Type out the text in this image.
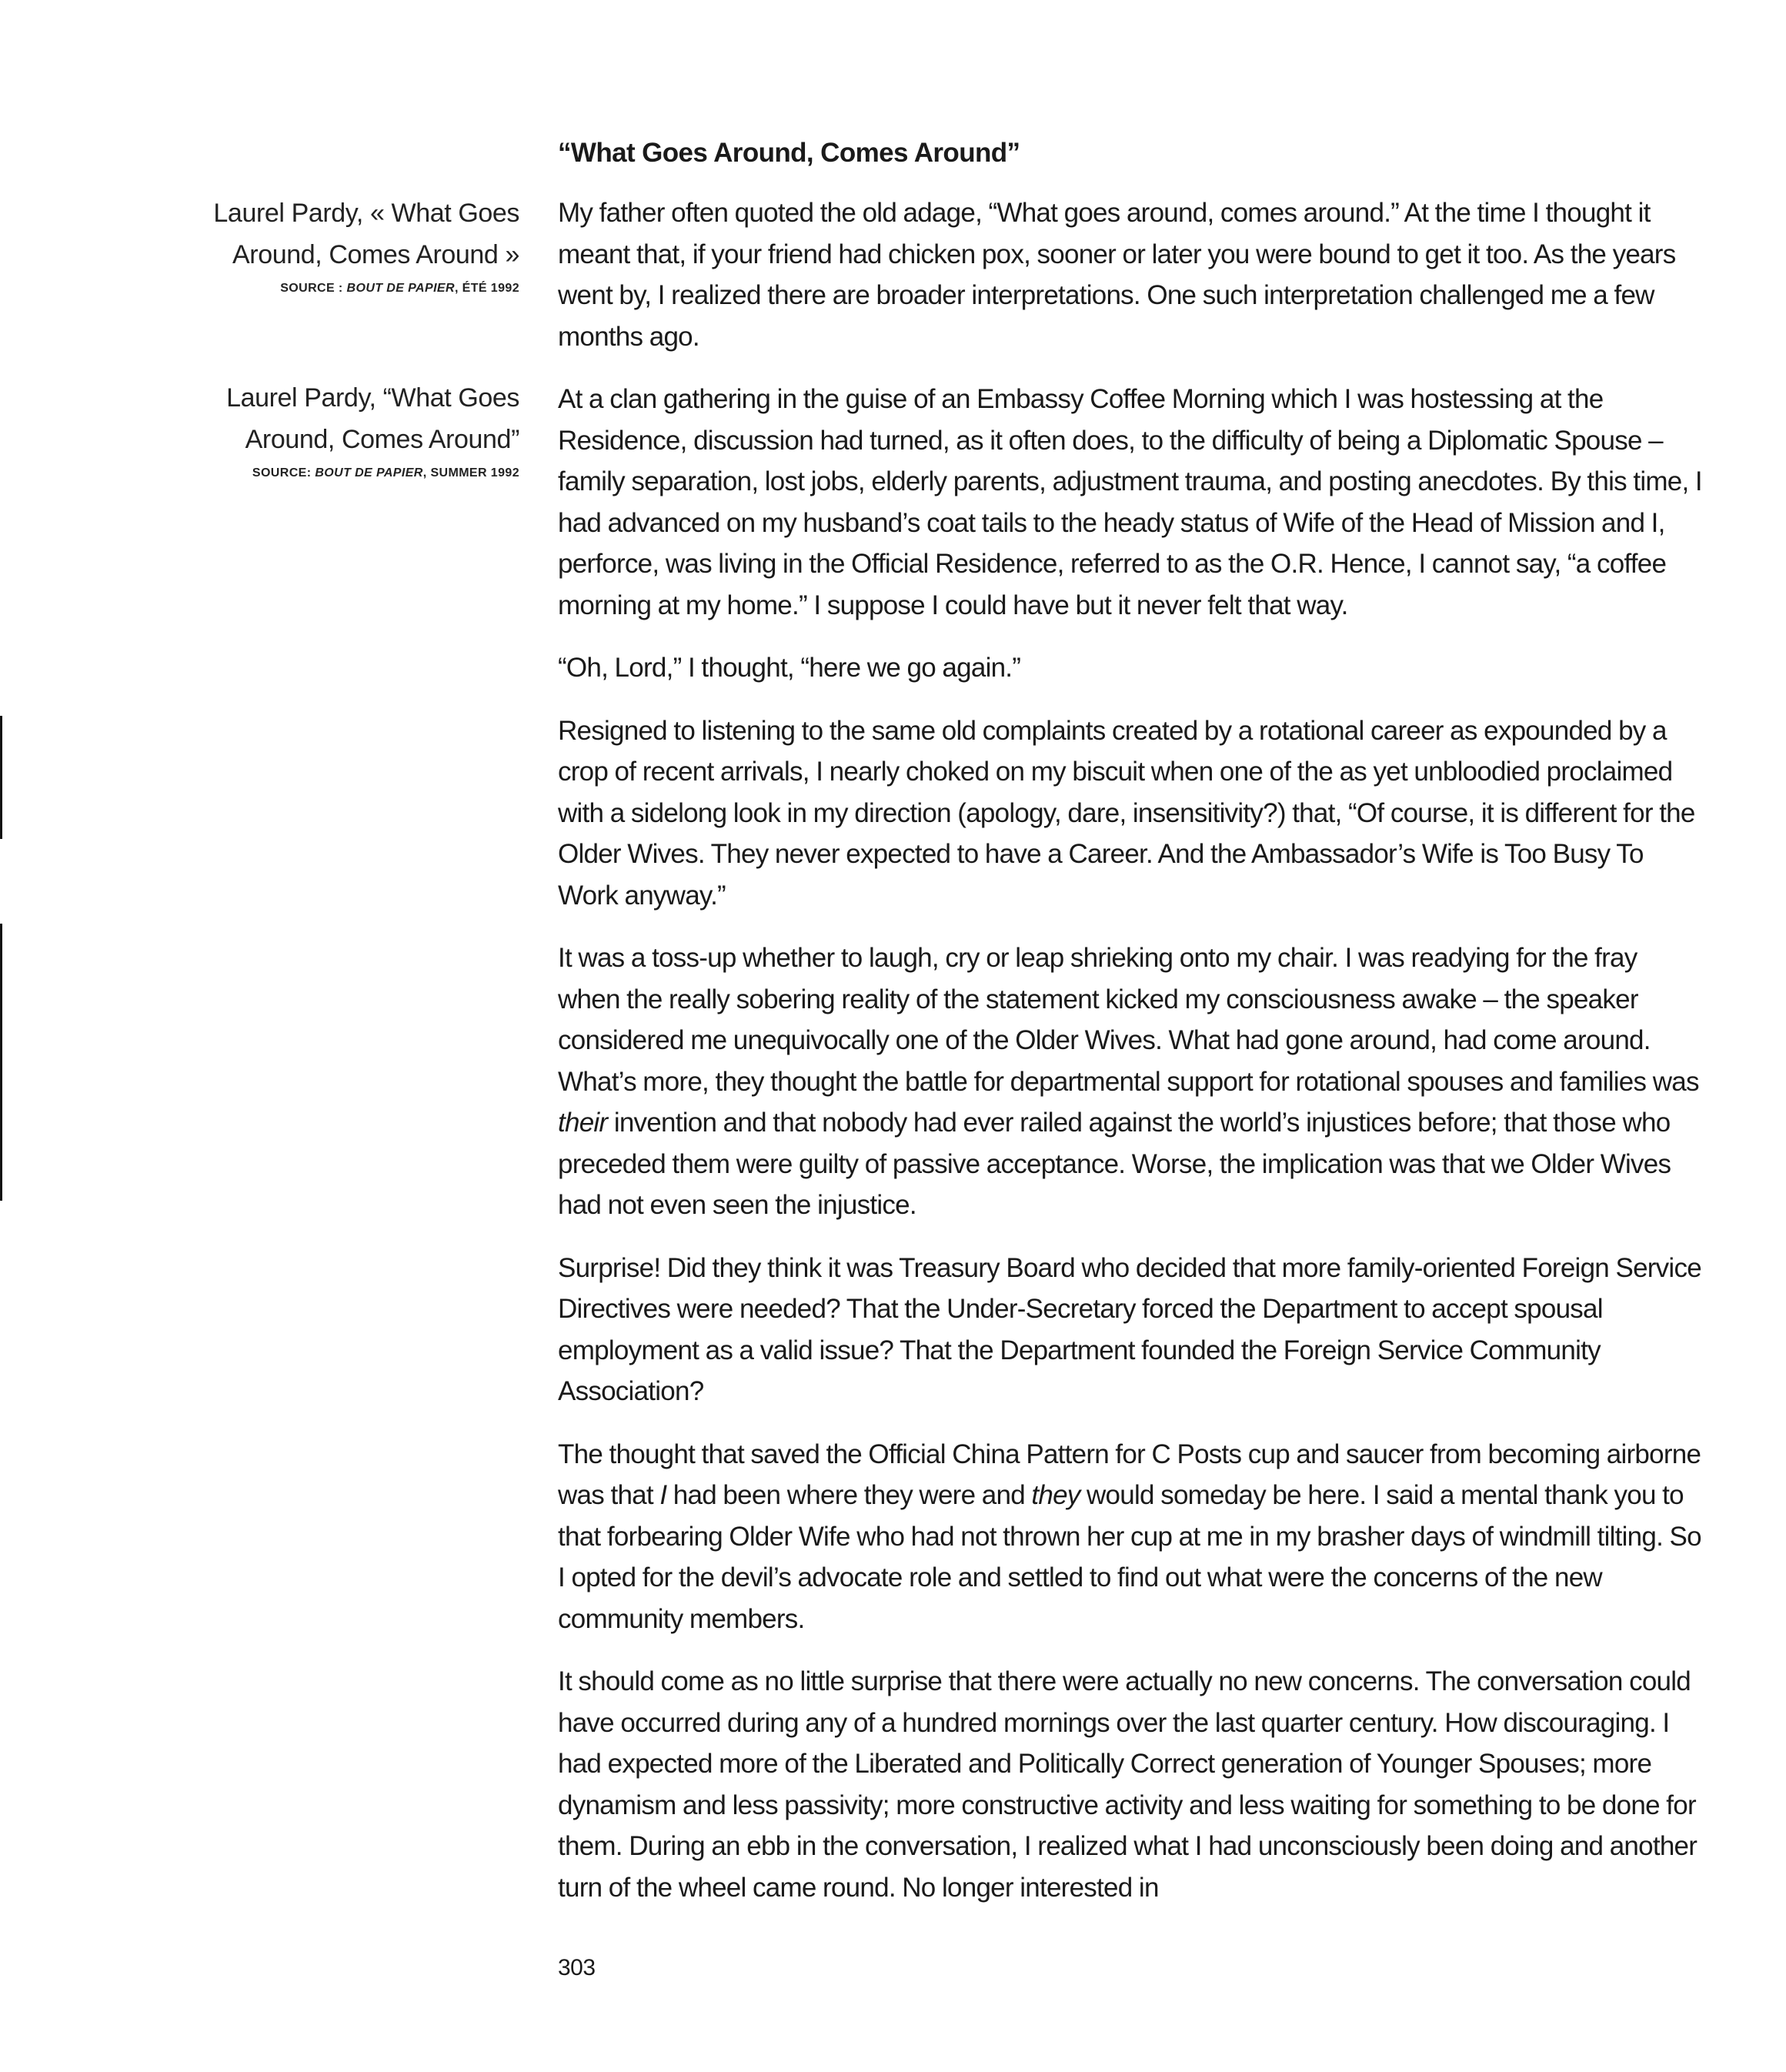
“What Goes Around, Comes Around”
Laurel Pardy, « What Goes Around, Comes Around »
SOURCE : BOUT DE PAPIER, ÉTÉ 1992
Laurel Pardy, “What Goes Around, Comes Around”
SOURCE: BOUT DE PAPIER, SUMMER 1992

My father often quoted the old adage, “What goes around, comes around.” At the time I thought it meant that, if your friend had chicken pox, sooner or later you were bound to get it too. As the years went by, I realized there are broader interpretations. One such interpretation challenged me a few months ago.

At a clan gathering in the guise of an Embassy Coffee Morning which I was hostessing at the Residence, discussion had turned, as it often does, to the difficulty of being a Diplomatic Spouse – family separation, lost jobs, elderly parents, adjustment trauma, and posting anecdotes. By this time, I had advanced on my husband’s coat tails to the heady status of Wife of the Head of Mission and I, perforce, was living in the Official Residence, referred to as the O.R. Hence, I cannot say, “a coffee morning at my home.” I suppose I could have but it never felt that way.

“Oh, Lord,” I thought, “here we go again.”

Resigned to listening to the same old complaints created by a rotational career as expounded by a crop of recent arrivals, I nearly choked on my biscuit when one of the as yet unbloodied proclaimed with a sidelong look in my direction (apology, dare, insensitivity?) that, “Of course, it is different for the Older Wives. They never expected to have a Career. And the Ambassador’s Wife is Too Busy To Work anyway.”

It was a toss-up whether to laugh, cry or leap shrieking onto my chair. I was readying for the fray when the really sobering reality of the statement kicked my consciousness awake – the speaker considered me unequivocally one of the Older Wives. What had gone around, had come around. What’s more, they thought the battle for departmental support for rotational spouses and families was their invention and that nobody had ever railed against the world’s injustices before; that those who preceded them were guilty of passive acceptance. Worse, the implication was that we Older Wives had not even seen the injustice.

Surprise! Did they think it was Treasury Board who decided that more family-oriented Foreign Service Directives were needed? That the Under-Secretary forced the Department to accept spousal employment as a valid issue? That the Department founded the Foreign Service Community Association?

The thought that saved the Official China Pattern for C Posts cup and saucer from becoming airborne was that I had been where they were and they would someday be here. I said a mental thank you to that forbearing Older Wife who had not thrown her cup at me in my brasher days of windmill tilting. So I opted for the devil’s advocate role and settled to find out what were the concerns of the new community members.

It should come as no little surprise that there were actually no new concerns. The conversation could have occurred during any of a hundred mornings over the last quarter century. How discouraging. I had expected more of the Liberated and Politically Correct generation of Younger Spouses; more dynamism and less passivity; more constructive activity and less waiting for something to be done for them. During an ebb in the conversation, I realized what I had unconsciously been doing and another turn of the wheel came round. No longer interested in

303
